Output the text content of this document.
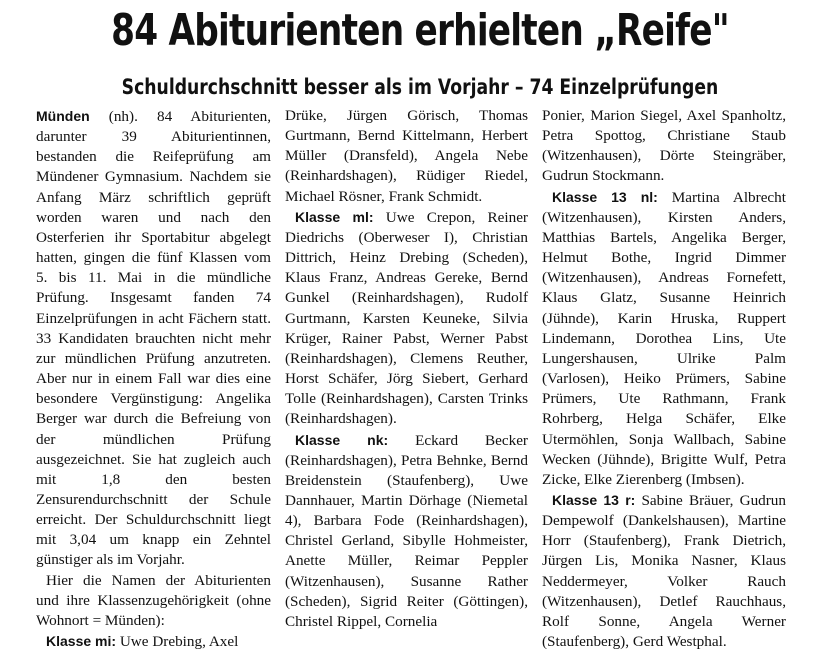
84 Abiturienten erhielten „Reife"
Schuldurchschnitt besser als im Vorjahr – 74 Einzelprüfungen

Münden (nh). 84 Abiturienten, darunter 39 Abiturientinnen, bestanden die Reifeprüfung am Mündener Gymnasium. Nachdem sie Anfang März schriftlich geprüft worden waren und nach den Osterferien ihr Sportabitur abgelegt hatten, gingen die fünf Klassen vom 5. bis 11. Mai in die mündliche Prüfung. Insgesamt fanden 74 Einzelprüfungen in acht Fächern statt. 33 Kandidaten brauchten nicht mehr zur mündlichen Prüfung anzutreten. Aber nur in einem Fall war dies eine besondere Vergünstigung: Angelika Berger war durch die Befreiung von der mündlichen Prüfung ausgezeichnet. Sie hat zugleich auch mit 1,8 den besten Zensurendurchschnitt der Schule erreicht. Der Schuldurchschnitt liegt mit 3,04 um knapp ein Zehntel günstiger als im Vorjahr.

Hier die Namen der Abiturienten und ihre Klassenzugehörigkeit (ohne Wohnort = Münden):

Klasse mi: Uwe Drebing, Axel

Drüke, Jürgen Görisch, Thomas Gurtmann, Bernd Kittelmann, Herbert Müller (Dransfeld), Angela Nebe (Reinhardshagen), Rüdiger Riedel, Michael Rösner, Frank Schmidt.

Klasse ml: Uwe Crepon, Reiner Diedrichs (Oberweser I), Christian Dittrich, Heinz Drebing (Scheden), Klaus Franz, Andreas Gereke, Bernd Gunkel (Reinhardshagen), Rudolf Gurtmann, Karsten Keuneke, Silvia Krüger, Rainer Pabst, Werner Pabst (Reinhardshagen), Clemens Reuther, Horst Schäfer, Jörg Siebert, Gerhard Tolle (Reinhardshagen), Carsten Trinks (Reinhardshagen).

Klasse nk: Eckard Becker (Reinhardshagen), Petra Behnke, Bernd Breidenstein (Staufenberg), Uwe Dannhauer, Martin Dörhage (Niemetal 4), Barbara Fode (Reinhardshagen), Christel Gerland, Sibylle Hohmeister, Anette Müller, Reimar Peppler (Witzenhausen), Susanne Rather (Scheden), Sigrid Reiter (Göttingen), Christel Rippel, Cornelia

Ponier, Marion Siegel, Axel Spanholtz, Petra Spottog, Christiane Staub (Witzenhausen), Dörte Steingräber, Gudrun Stockmann.

Klasse 13 nl: Martina Albrecht (Witzenhausen), Kirsten Anders, Matthias Bartels, Angelika Berger, Helmut Bothe, Ingrid Dimmer (Witzenhausen), Andreas Fornefett, Klaus Glatz, Susanne Heinrich (Jühnde), Karin Hruska, Ruppert Lindemann, Dorothea Lins, Ute Lungershausen, Ulrike Palm (Varlosen), Heiko Prümers, Sabine Prümers, Ute Rathmann, Frank Rohrberg, Helga Schäfer, Elke Utermöhlen, Sonja Wallbach, Sabine Wecken (Jühnde), Brigitte Wulf, Petra Zicke, Elke Zierenberg (Imbsen).

Klasse 13 r: Sabine Bräuer, Gudrun Dempewolf (Dankelshausen), Martine Horr (Staufenberg), Frank Dietrich, Jürgen Lis, Monika Nasner, Klaus Neddermeyer, Volker Rauch (Witzenhausen), Detlef Rauchhaus, Rolf Sonne, Angela Werner (Staufenberg), Gerd Westphal.
